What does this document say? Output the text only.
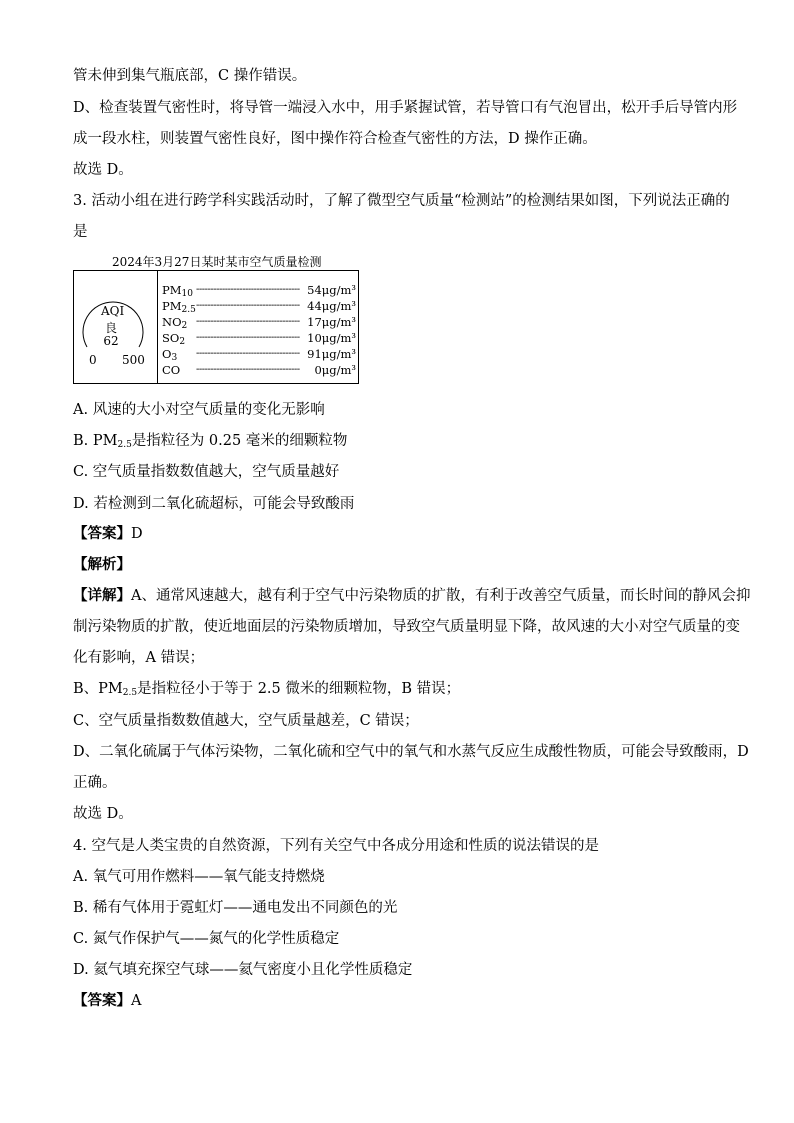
管未伸到集气瓶底部，C 操作错误。
D、检查装置气密性时，将导管一端浸入水中，用手紧握试管，若导管口有气泡冒出，松开手后导管内形
成一段水柱，则装置气密性良好，图中操作符合检查气密性的方法，D 操作正确。
故选 D。
3. 活动小组在进行跨学科实践活动时，了解了微型空气质量“检测站”的检测结果如图，下列说法正确的
是
2024年3月27日某时某市空气质量检测
AQI
良
62
0 500
$PM_{10}$ ------------------------------------ 54μg/m³
$PM_{2.5}$ ------------------------------------ 44μg/m³
$NO_2$ ------------------------------------ 17μg/m³
$SO_2$ ------------------------------------ 10μg/m³
$O_3$ ------------------------------------ 91μg/m³
CO ------------------------------------	0μg/m³
A. 风速的大小对空气质量的变化无影响
B. $PM_{2.5}$是指粒径为 0.25 毫米的细颗粒物
C. 空气质量指数数值越大，空气质量越好
D. 若检测到二氧化硫超标，可能会导致酸雨
【答案】D
【解析】
【详解】A、通常风速越大，越有利于空气中污染物质的扩散，有利于改善空气质量，而长时间的静风会抑
制污染物质的扩散，使近地面层的污染物质增加，导致空气质量明显下降，故风速的大小对空气质量的变
化有影响，A 错误；
B、$PM_{2.5}$是指粒径小于等于 2.5 微米的细颗粒物，B 错误；
C、空气质量指数数值越大，空气质量越差，C 错误；
D、二氧化硫属于气体污染物，二氧化硫和空气中的氧气和水蒸气反应生成酸性物质，可能会导致酸雨，D
正确。
故选 D。
4. 空气是人类宝贵的自然资源，下列有关空气中各成分用途和性质的说法错误的是
A. 氧气可用作燃料——氧气能支持燃烧
B. 稀有气体用于霓虹灯——通电发出不同颜色的光
C. 氮气作保护气——氮气的化学性质稳定
D. 氦气填充探空气球——氦气密度小且化学性质稳定
【答案】A
